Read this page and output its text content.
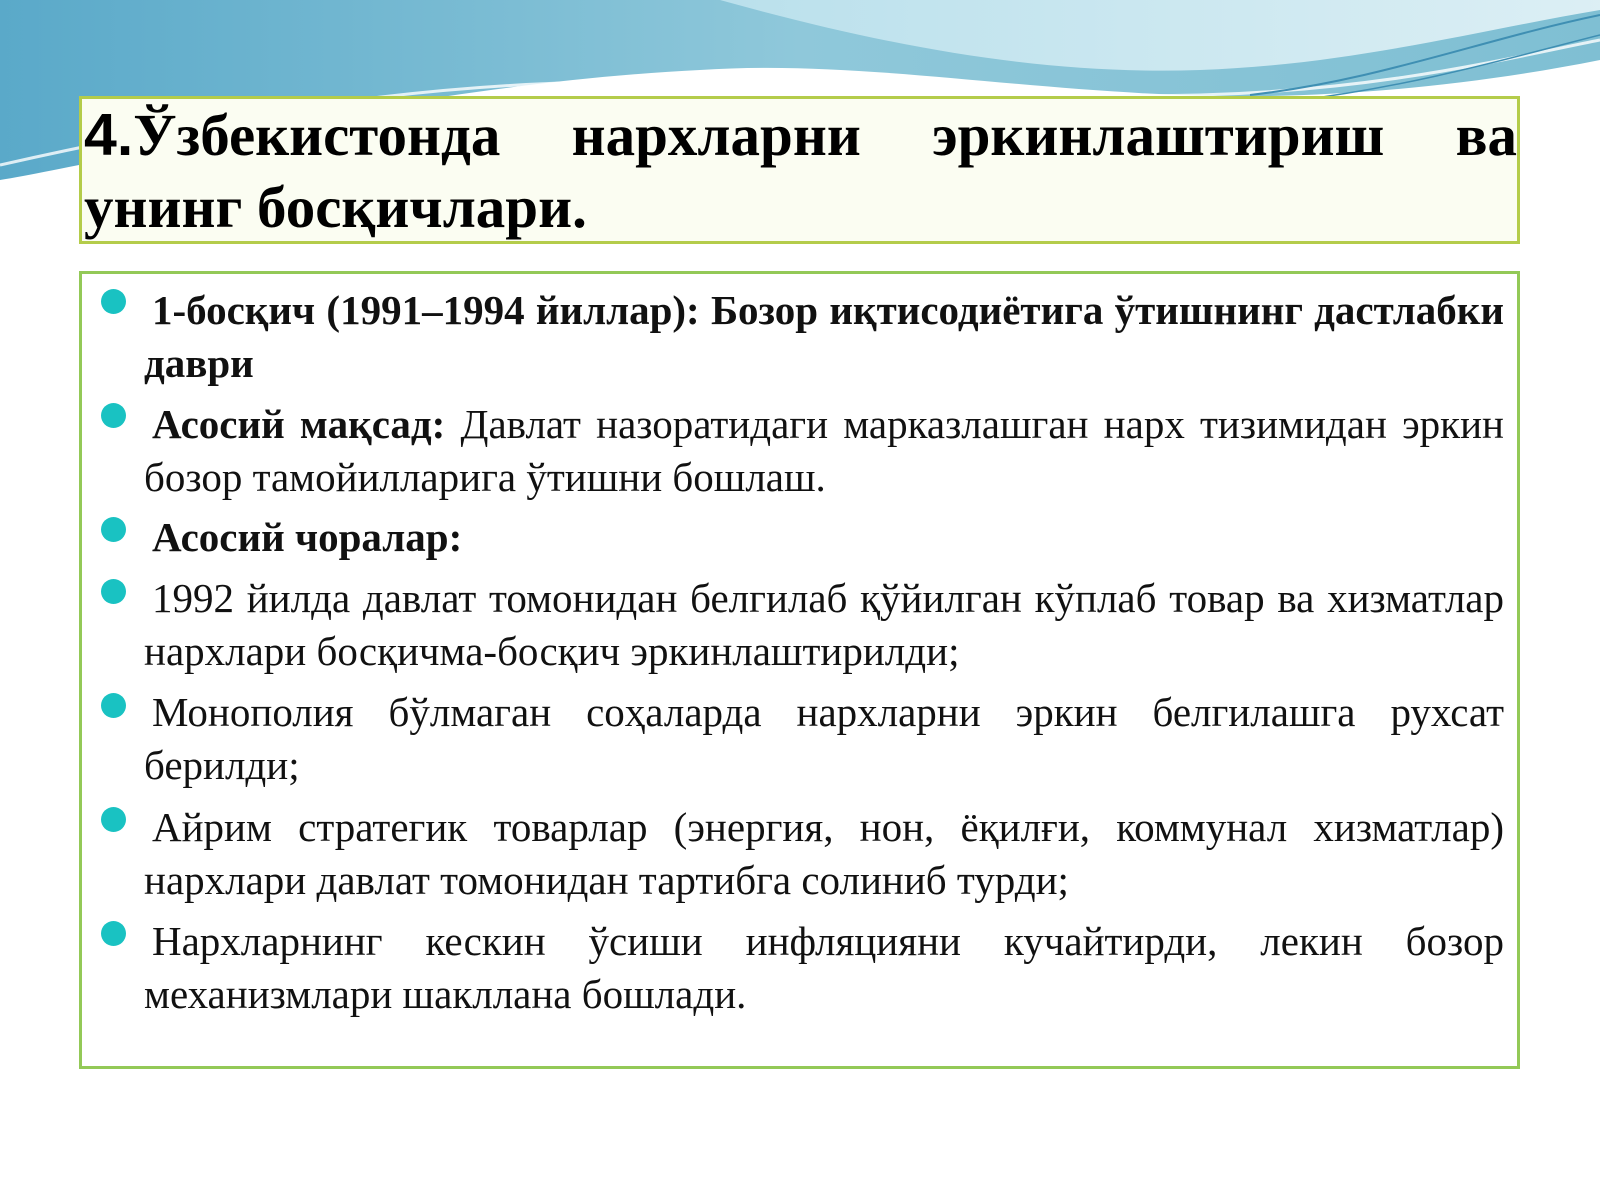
4.Ўзбекистонда нархларни эркинлаштириш ва унинг босқичлари.
1-босқич (1991–1994 йиллар): Бозор иқтисодиётига ўтишнинг дастлабки даври
Асосий мақсад: Давлат назоратидаги марказлашган нарх тизимидан эркин бозор тамойилларига ўтишни бошлаш.
Асосий чоралар:
1992 йилда давлат томонидан белгилаб қўйилган кўплаб товар ва хизматлар нархлари босқичма-босқич эркинлаштирилди;
Монополия бўлмаган соҳаларда нархларни эркин белгилашга рухсат берилди;
Айрим стратегик товарлар (энергия, нон, ёқилғи, коммунал хизматлар) нархлари давлат томонидан тартибга солиниб турди;
Нархларнинг кескин ўсиши инфляцияни кучайтирди, лекин бозор механизмлари шакллана бошлади.
